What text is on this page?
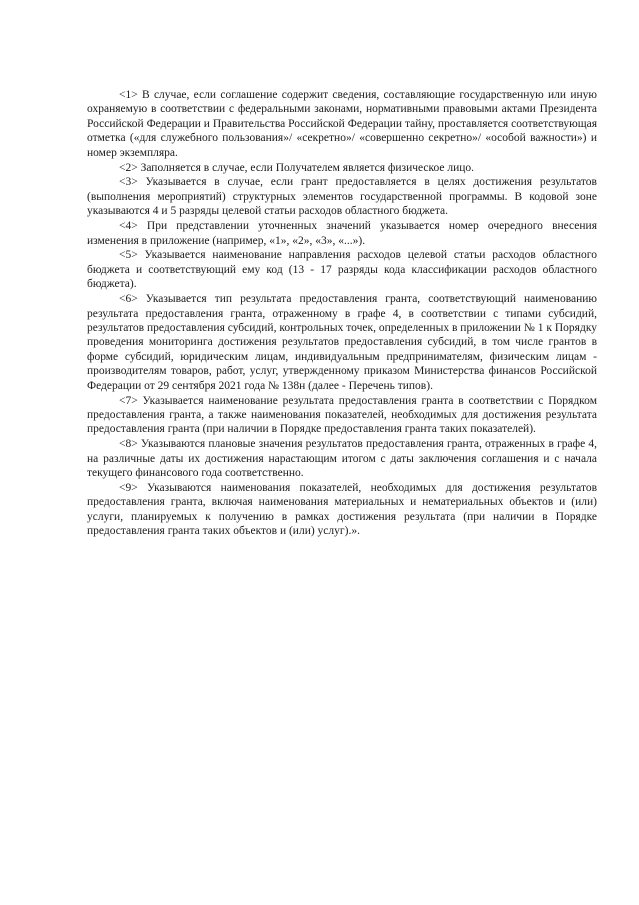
<1> В случае, если соглашение содержит сведения, составляющие государственную или иную охраняемую в соответствии с федеральными законами, нормативными правовыми актами Президента Российской Федерации и Правительства Российской Федерации тайну, проставляется соответствующая отметка («для служебного пользования»/ «секретно»/ «совершенно секретно»/ «особой важности») и номер экземпляра.

<2> Заполняется в случае, если Получателем является физическое лицо.

<3> Указывается в случае, если грант предоставляется в целях достижения результатов (выполнения мероприятий) структурных элементов государственной программы. В кодовой зоне указываются 4 и 5 разряды целевой статьи расходов областного бюджета.

<4> При представлении уточненных значений указывается номер очередного внесения изменения в приложение (например, «1», «2», «3», «...»).

<5> Указывается наименование направления расходов целевой статьи расходов областного бюджета и соответствующий ему код (13 - 17 разряды кода классификации расходов областного бюджета).

<6> Указывается тип результата предоставления гранта, соответствующий наименованию результата предоставления гранта, отраженному в графе 4, в соответствии с типами субсидий, результатов предоставления субсидий, контрольных точек, определенных в приложении № 1 к Порядку проведения мониторинга достижения результатов предоставления субсидий, в том числе грантов в форме субсидий, юридическим лицам, индивидуальным предпринимателям, физическим лицам - производителям товаров, работ, услуг, утвержденному приказом Министерства финансов Российской Федерации от 29 сентября 2021 года № 138н (далее - Перечень типов).

<7> Указывается наименование результата предоставления гранта в соответствии с Порядком предоставления гранта, а также наименования показателей, необходимых для достижения результата предоставления гранта (при наличии в Порядке предоставления гранта таких показателей).

<8> Указываются плановые значения результатов предоставления гранта, отраженных в графе 4, на различные даты их достижения нарастающим итогом с даты заключения соглашения и с начала текущего финансового года соответственно.

<9> Указываются наименования показателей, необходимых для достижения результатов предоставления гранта, включая наименования материальных и нематериальных объектов и (или) услуги, планируемых к получению в рамках достижения результата (при наличии в Порядке предоставления гранта таких объектов и (или) услуг).».
